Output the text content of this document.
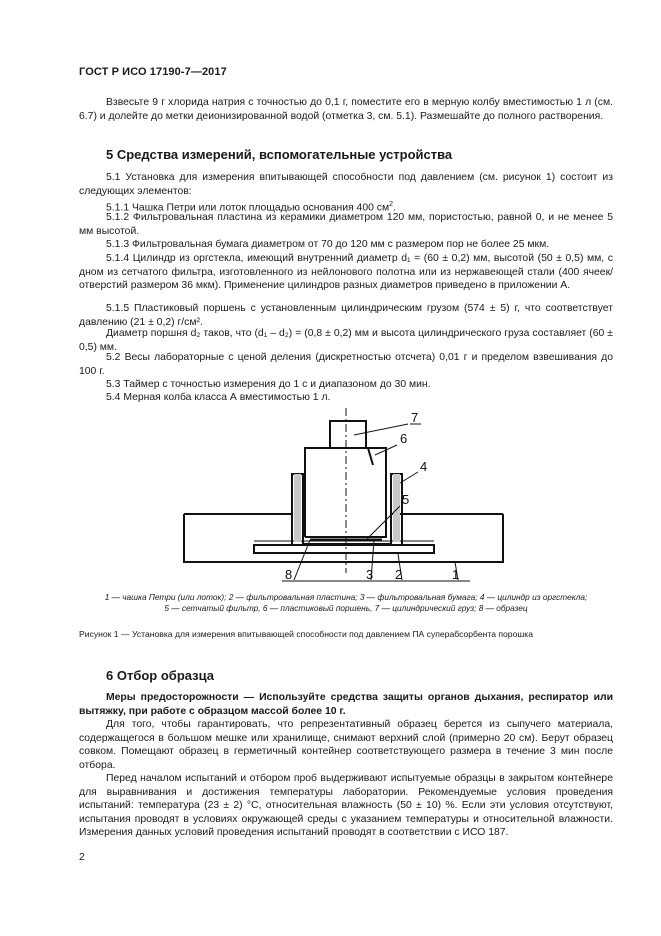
ГОСТ Р ИСО 17190-7—2017
Взвесьте 9 г хлорида натрия с точностью до 0,1 г, поместите его в мерную колбу вместимостью 1 л (см. 6.7) и долейте до метки деионизированной водой (отметка 3, см. 5.1). Размешайте до полного растворения.
5 Средства измерений, вспомогательные устройства
5.1 Установка для измерения впитывающей способности под давлением (см. рисунок 1) состоит из следующих элементов:
5.1.1 Чашка Петри или лоток площадью основания 400 $см^2$.
5.1.2 Фильтровальная пластина из керамики диаметром 120 мм, пористостью, равной 0, и не менее 5 мм высотой.
5.1.3 Фильтровальная бумага диаметром от 70 до 120 мм с размером пор не более 25 мкм.
5.1.4 Цилиндр из оргстекла, имеющий внутренний диаметр d₁ = (60 ± 0,2) мм, высотой (50 ± 0,5) мм, с дном из сетчатого фильтра, изготовленного из нейлонового полотна или из нержавеющей стали (400 ячеек/отверстий размером 36 мкм). Применение цилиндров разных диаметров приведено в приложении А.
5.1.5 Пластиковый поршень с установленным цилиндрическим грузом (574 ± 5) г, что соответствует давлению (21 ± 0,2) г/см².
Диаметр поршня d₂ таков, что (d₁ – d₂) = (0,8 ± 0,2) мм и высота цилиндрического груза составляет (60 ± 0,5) мм.
5.2 Весы лабораторные с ценой деления (дискретностью отсчета) 0,01 г и пределом взвешивания до 100 г.
5.3 Таймер с точностью измерения до 1 с и диапазоном до 30 мин.
5.4 Мерная колба класса А вместимостью 1 л.
7
6
4
5
8	3 2	1
1 — чашка Петри (или лоток); 2 — фильтровальная пластина; 3 — фильтровальная бумага; 4 — цилиндр из оргстекла;
5 — сетчатый фильтр, 6 — пластиковый поршень, 7 — цилиндрический груз; 8 — образец
Рисунок 1 — Установка для измерения впитывающей способности под давлением ПА суперабсорбента порошка
6 Отбор образца
Меры предосторожности — Используйте средства защиты органов дыхания, респиратор или вытяжку, при работе с образцом массой более 10 г.
Для того, чтобы гарантировать, что репрезентативный образец берется из сыпучего материала, содержащегося в большом мешке или хранилище, снимают верхний слой (примерно 20 см). Берут образец совком. Помещают образец в герметичный контейнер соответствующего размера в течение 3 мин после отбора.
Перед началом испытаний и отбором проб выдерживают испытуемые образцы в закрытом контейнере для выравнивания и достижения температуры лаборатории. Рекомендуемые условия проведения испытаний: температура (23 ± 2) °С, относительная влажность (50 ± 10) %. Если эти условия отсутствуют, испытания проводят в условиях окружающей среды с указанием температуры и относительной влажности. Измерения данных условий проведения испытаний проводят в соответствии с ИСО 187.
2
